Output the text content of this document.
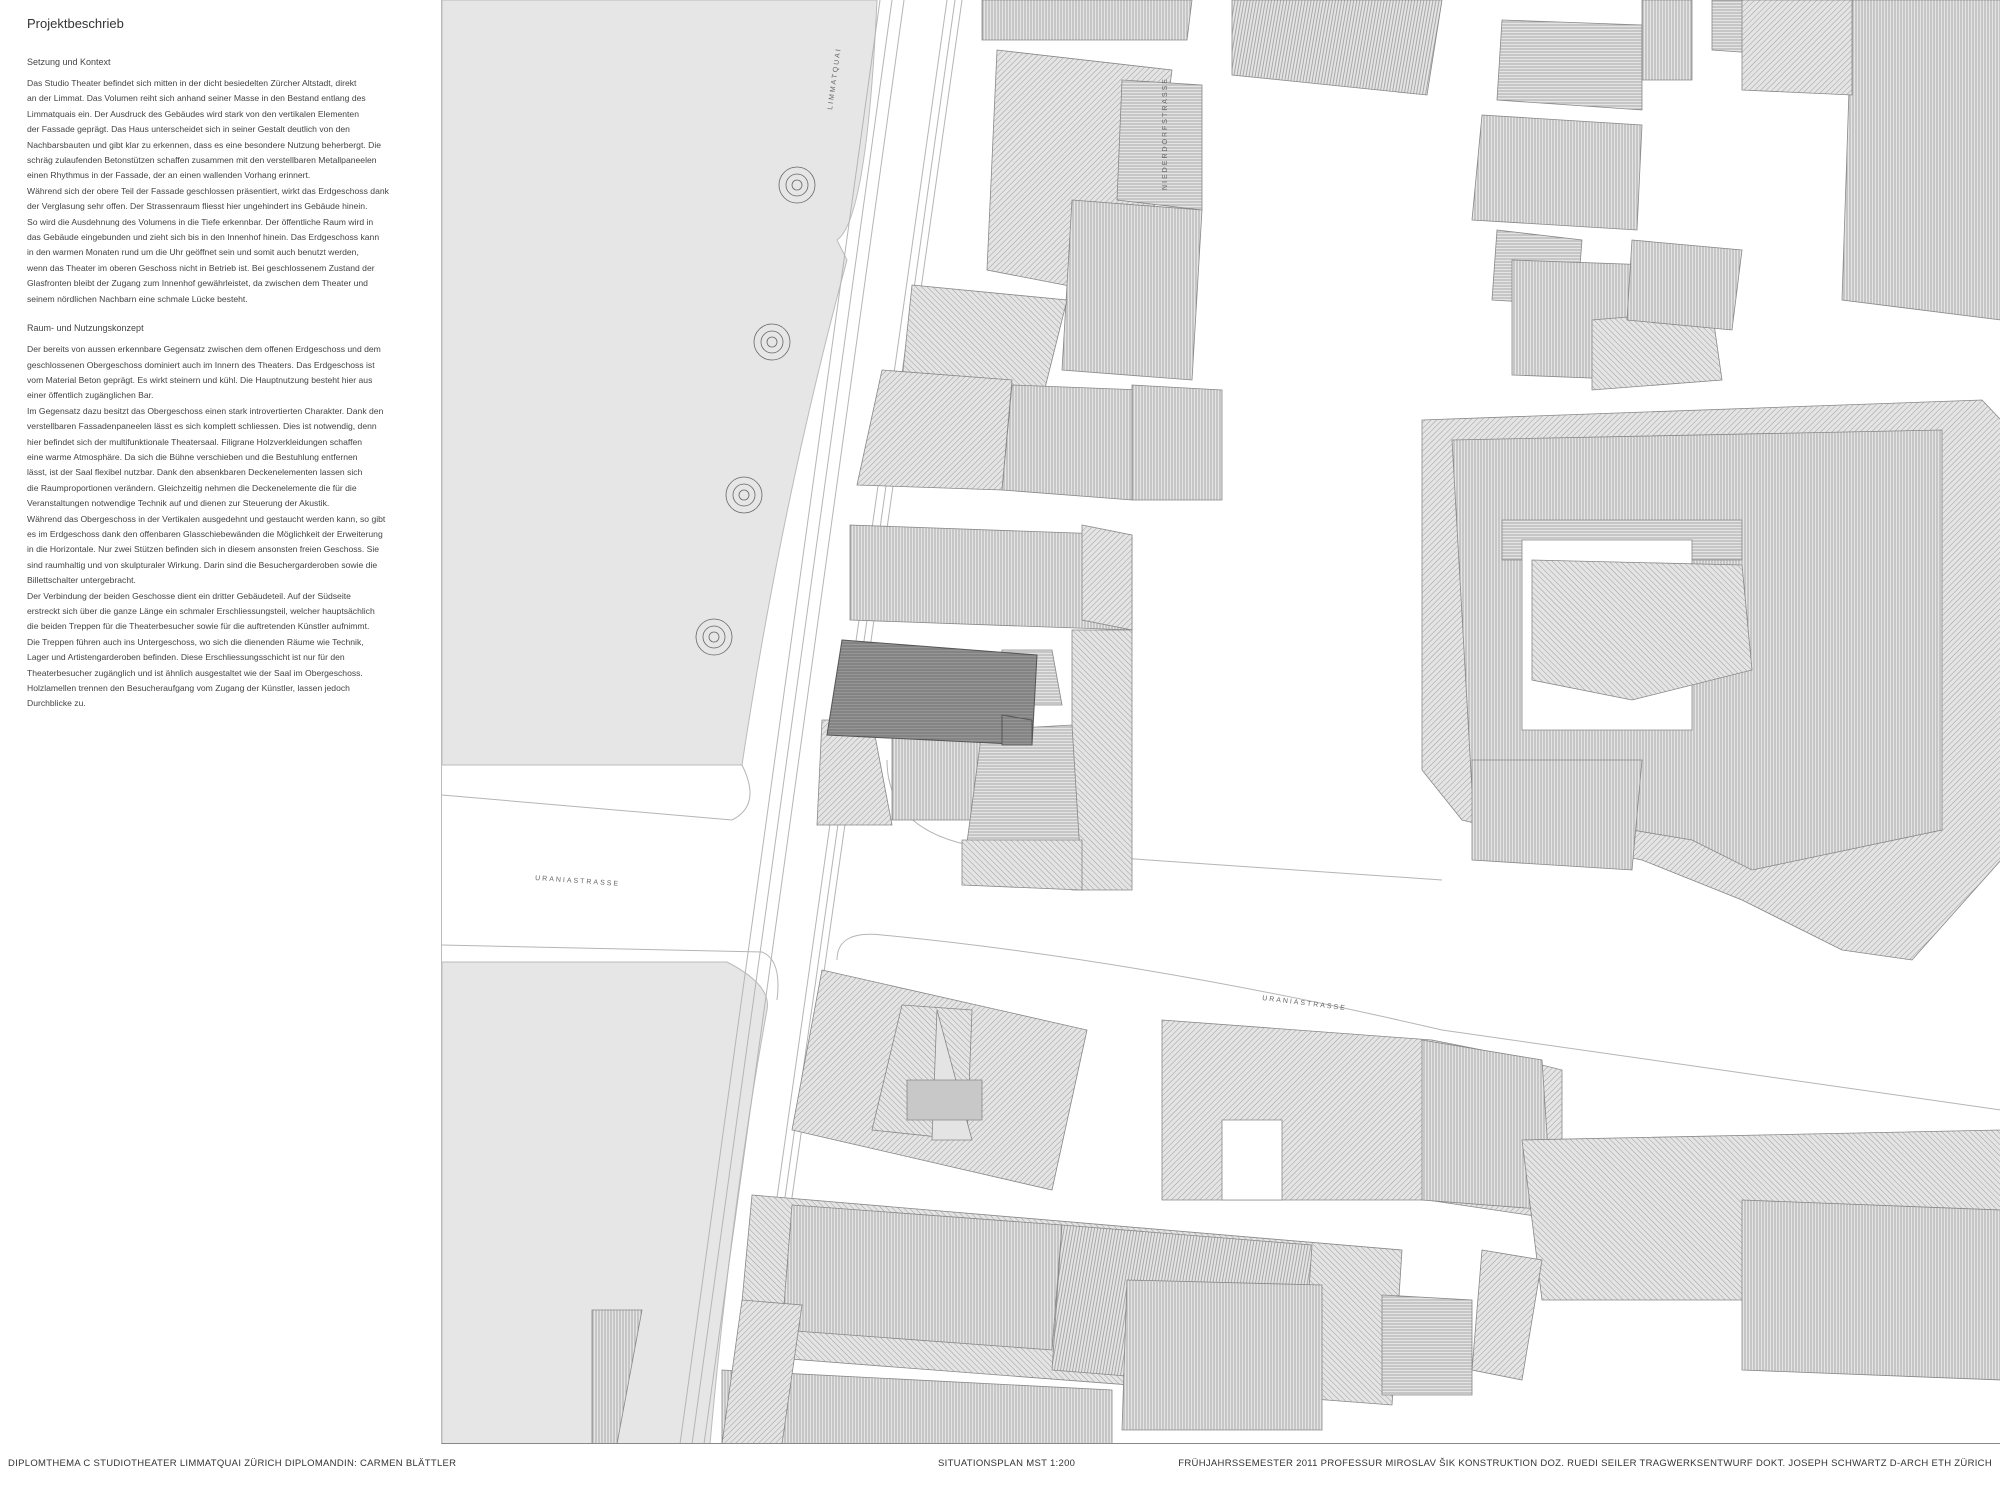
Projektbeschrieb
Setzung und Kontext

Das Studio Theater befindet sich mitten in der dicht besiedelten Zürcher Altstadt, direkt

an der Limmat. Das Volumen reiht sich anhand seiner Masse in den Bestand entlang des

Limmatquais ein. Der Ausdruck des Gebäudes wird stark von den vertikalen Elementen

der Fassade geprägt. Das Haus unterscheidet sich in seiner Gestalt deutlich von den

Nachbarsbauten und gibt klar zu erkennen, dass es eine besondere Nutzung beherbergt. Die

schräg zulaufenden Betonstützen schaffen zusammen mit den verstellbaren Metallpaneelen

einen Rhythmus in der Fassade, der an einen wallenden Vorhang erinnert.

Während sich der obere Teil der Fassade geschlossen präsentiert, wirkt das Erdgeschoss dank

der Verglasung sehr offen. Der Strassenraum fliesst hier ungehindert ins Gebäude hinein.

So wird die Ausdehnung des Volumens in die Tiefe erkennbar. Der öffentliche Raum wird in

das Gebäude eingebunden und zieht sich bis in den Innenhof hinein. Das Erdgeschoss kann

in den warmen Monaten rund um die Uhr geöffnet sein und somit auch benutzt werden,

wenn das Theater im oberen Geschoss nicht in Betrieb ist. Bei geschlossenem Zustand der

Glasfronten bleibt der Zugang zum Innenhof gewährleistet, da zwischen dem Theater und

seinem nördlichen Nachbarn eine schmale Lücke besteht.

Raum- und Nutzungskonzept

Der bereits von aussen erkennbare Gegensatz zwischen dem offenen Erdgeschoss und dem

geschlossenen Obergeschoss dominiert auch im Innern des Theaters. Das Erdgeschoss ist

vom Material Beton geprägt. Es wirkt steinern und kühl. Die Hauptnutzung besteht hier aus

einer öffentlich zugänglichen Bar.

Im Gegensatz dazu besitzt das Obergeschoss einen stark introvertierten Charakter. Dank den

verstellbaren Fassadenpaneelen lässt es sich komplett schliessen. Dies ist notwendig, denn

hier befindet sich der multifunktionale Theatersaal. Filigrane Holzverkleidungen schaffen

eine warme Atmosphäre. Da sich die Bühne verschieben und die Bestuhlung entfernen

lässt, ist der Saal flexibel nutzbar. Dank den absenkbaren Deckenelementen lassen sich

die Raumproportionen verändern. Gleichzeitig nehmen die Deckenelemente die für die

Veranstaltungen notwendige Technik auf und dienen zur Steuerung der Akustik.

Während das Obergeschoss in der Vertikalen ausgedehnt und gestaucht werden kann, so gibt

es im Erdgeschoss dank den offenbaren Glasschiebewänden die Möglichkeit der Erweiterung

in die Horizontale. Nur zwei Stützen befinden sich in diesem ansonsten freien Geschoss. Sie

sind raumhaltig und von skulpturaler Wirkung. Darin sind die Besuchergarderoben sowie die

Billettschalter untergebracht.

Der Verbindung der beiden Geschosse dient ein dritter Gebäudeteil. Auf der Südseite

erstreckt sich über die ganze Länge ein schmaler Erschliessungsteil, welcher hauptsächlich

die beiden Treppen für die Theaterbesucher sowie für die auftretenden Künstler aufnimmt.

Die Treppen führen auch ins Untergeschoss, wo sich die dienenden Räume wie Technik,

Lager und Artistengarderoben befinden. Diese Erschliessungsschicht ist nur für den

Theaterbesucher zugänglich und ist ähnlich ausgestaltet wie der Saal im Obergeschoss.

Holzlamellen trennen den Besucheraufgang vom Zugang der Künstler, lassen jedoch

Durchblicke zu.

LIMMATQUAI	NIEDERDORFSTRASSE
URANIASTRASSE
URANIASTRASSE
DIPLOMTHEMA C STUDIOTHEATER LIMMATQUAI ZÜRICH DIPLOMANDIN: CARMEN BLÄTTLER	SITUATIONSPLAN MST 1:200	FRÜHJAHRSSEMESTER 2011 PROFESSUR MIROSLAV ŠIK KONSTRUKTION DOZ. RUEDI SEILER TRAGWERKSENTWURF DOKT. JOSEPH SCHWARTZ D-ARCH ETH ZÜRICH
